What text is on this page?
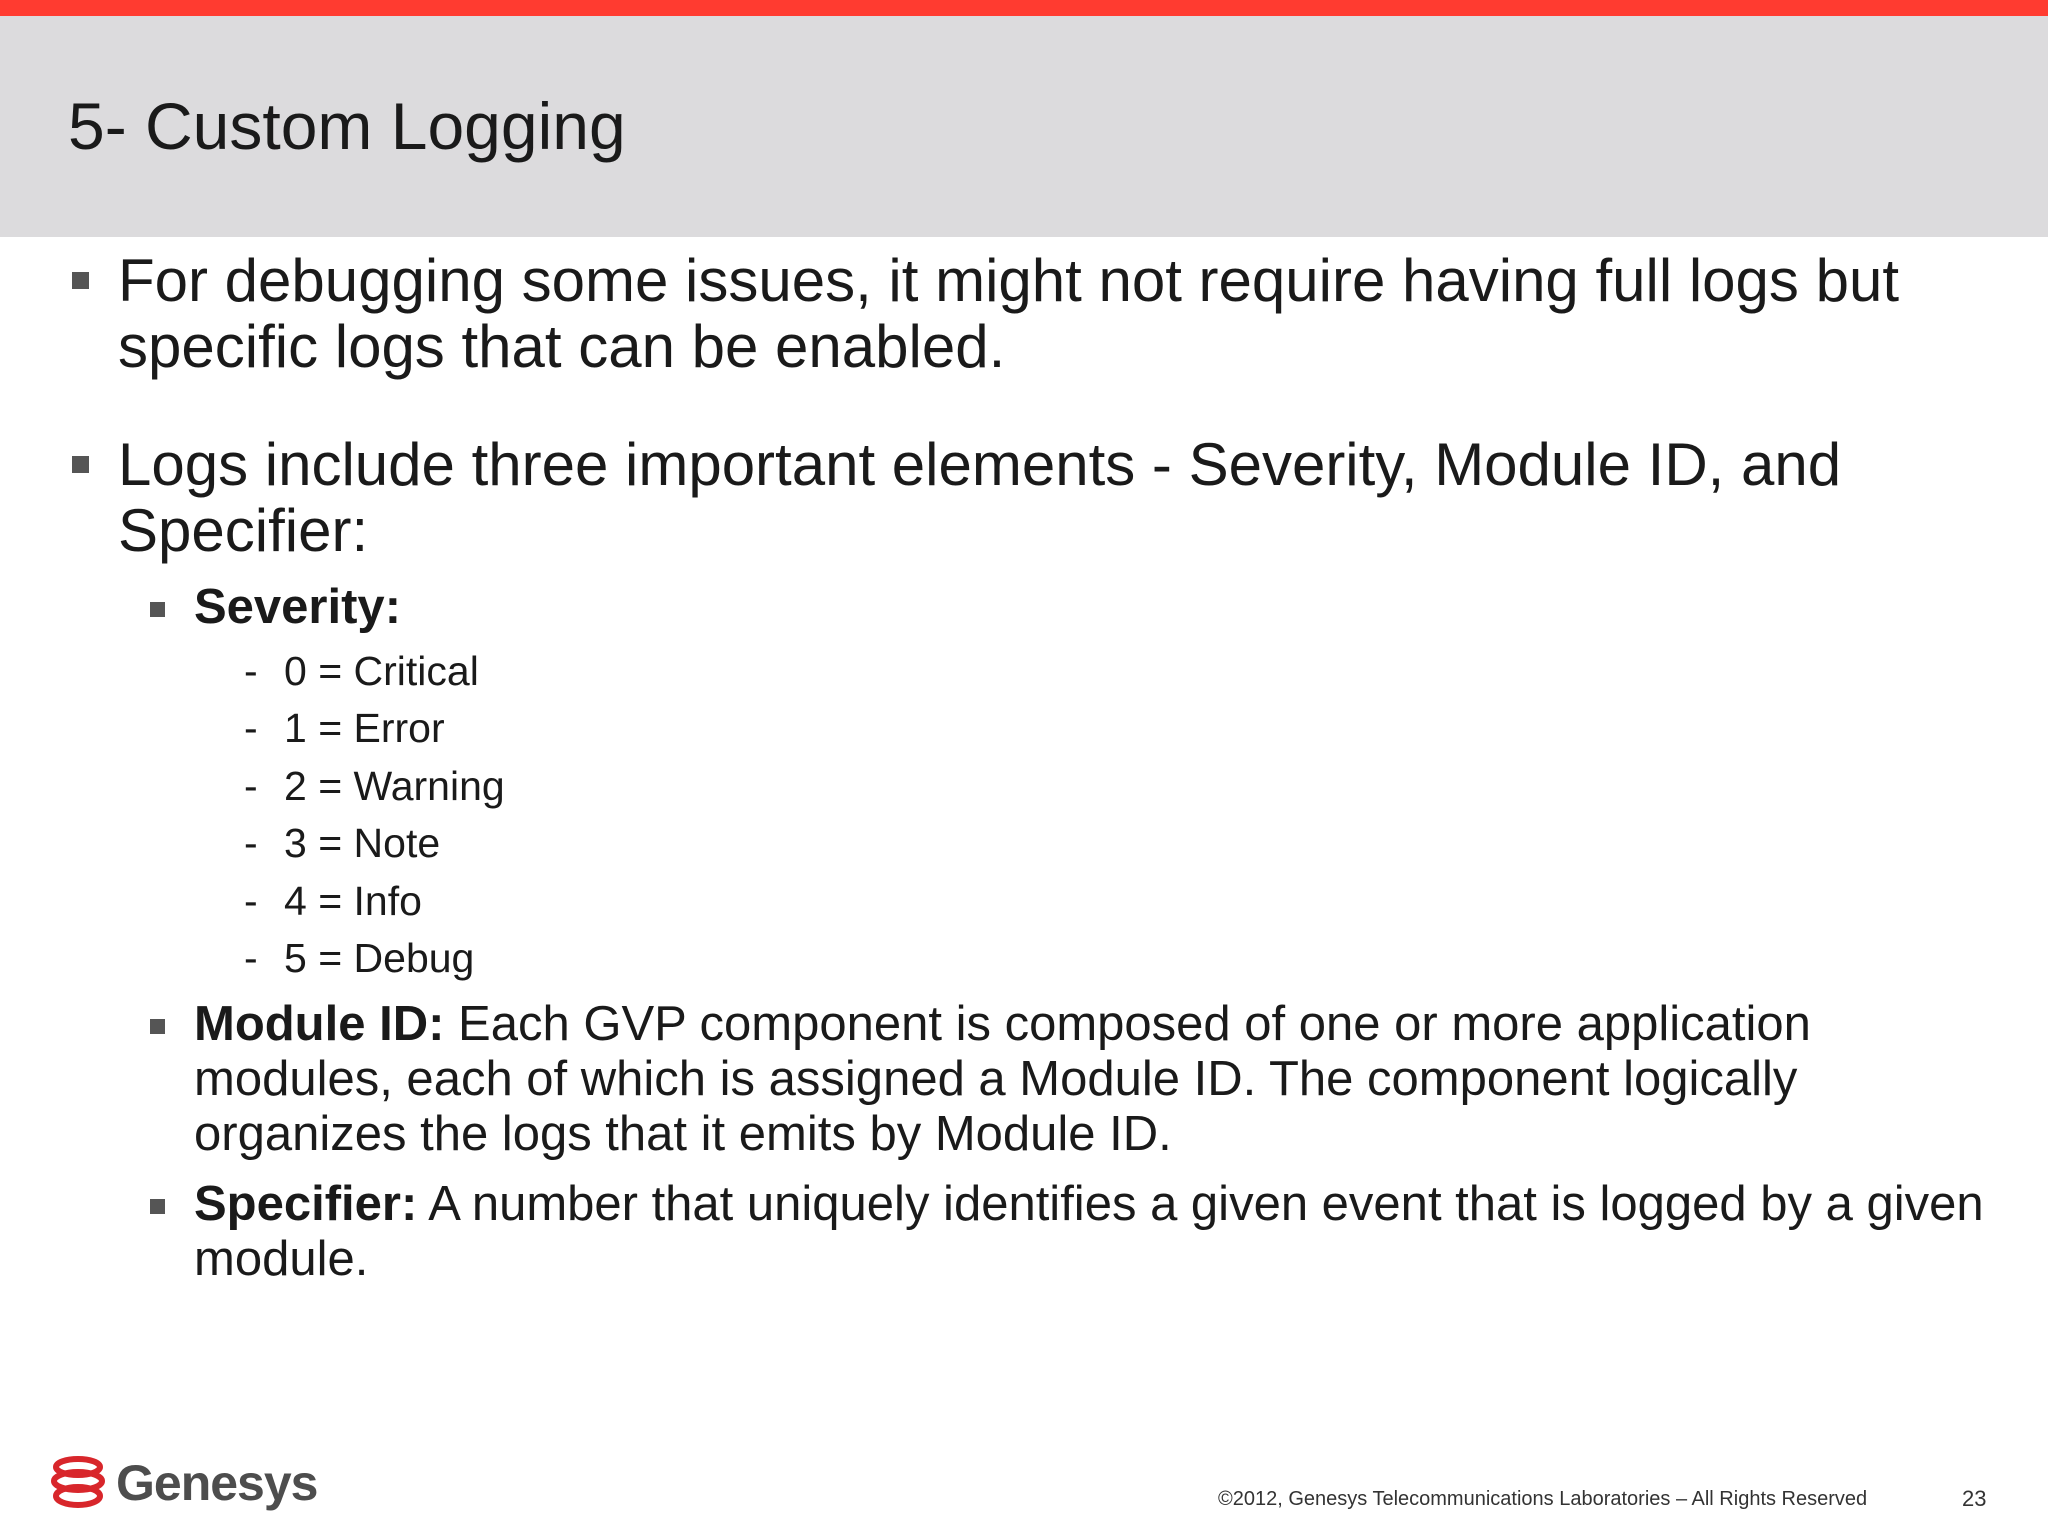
5- Custom Logging
For debugging some issues, it might not require having full logs but specific logs that can be enabled.
Logs include three important elements - Severity, Module ID, and Specifier:
Severity:
- 0 = Critical
- 1 = Error
- 2 = Warning
- 3 = Note
- 4 = Info
- 5 = Debug
Module ID: Each GVP component is composed of one or more application modules, each of which is assigned a Module ID. The component logically organizes the logs that it emits by Module ID.
Specifier: A number that uniquely identifies a given event that is logged by a given module.
Genesys	©2012, Genesys Telecommunications Laboratories – All Rights Reserved	23
